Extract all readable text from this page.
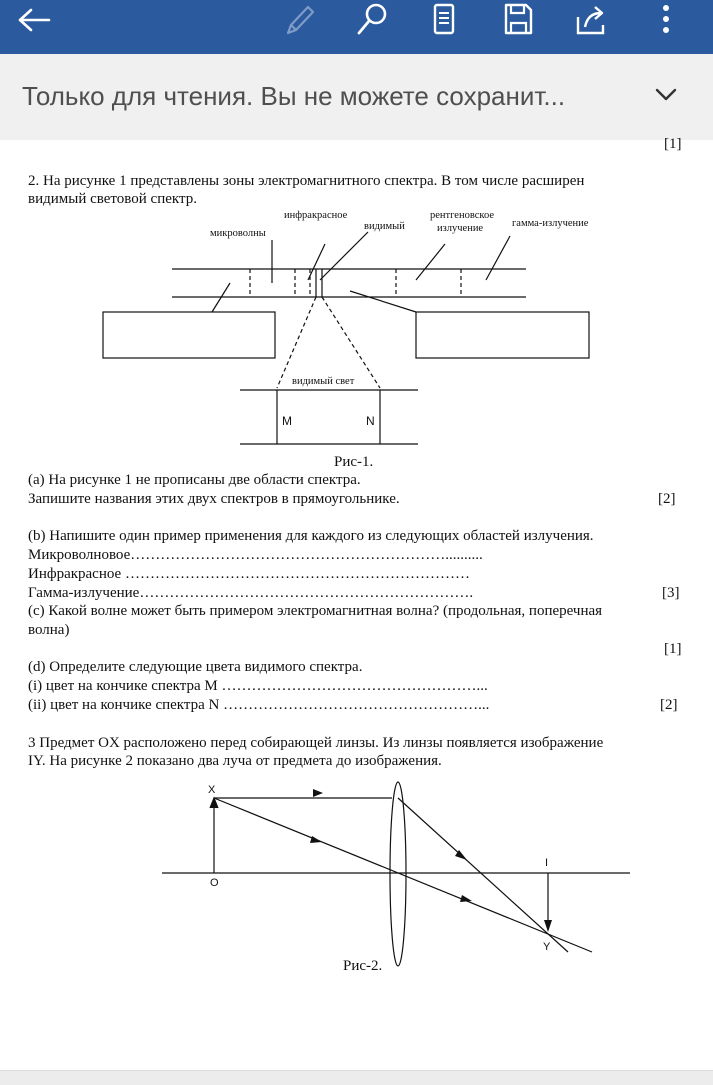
Только для чтения. Вы не можете сохранит...
[1]
2. На рисунке 1 представлены зоны электромагнитного спектра. В том числе расширен
видимый световой спектр.
микроволны
инфракрасное
видимый
рентгеновское
излучение	гамма-излучение
видимый свет
M	N
Рис-1.
(a) На рисунке 1 не прописаны две области спектра.
Запишите названия этих двух спектров в прямоугольнике.	[2]
(b) Напишите один пример применения для каждого из следующих областей излучения.
Микроволновое………………………………………………………..........
Инфракрасное ……………………………………………………………
Гамма-излучение………………………………………………………….	[3]
(c) Какой волне может быть примером электромагнитная волна? (продольная, поперечная
волна)
[1]
(d) Определите следующие цвета видимого спектра.
(i) цвет на кончике спектра M ……………………………………………...
(ii) цвет на кончике спектра N ……………………………………………...	[2]
3 Предмет OX расположено перед собирающей линзы. Из линзы появляется изображение
IY. На рисунке 2 показано два луча от предмета до изображения.
X
O
I
Y
Рис-2.
